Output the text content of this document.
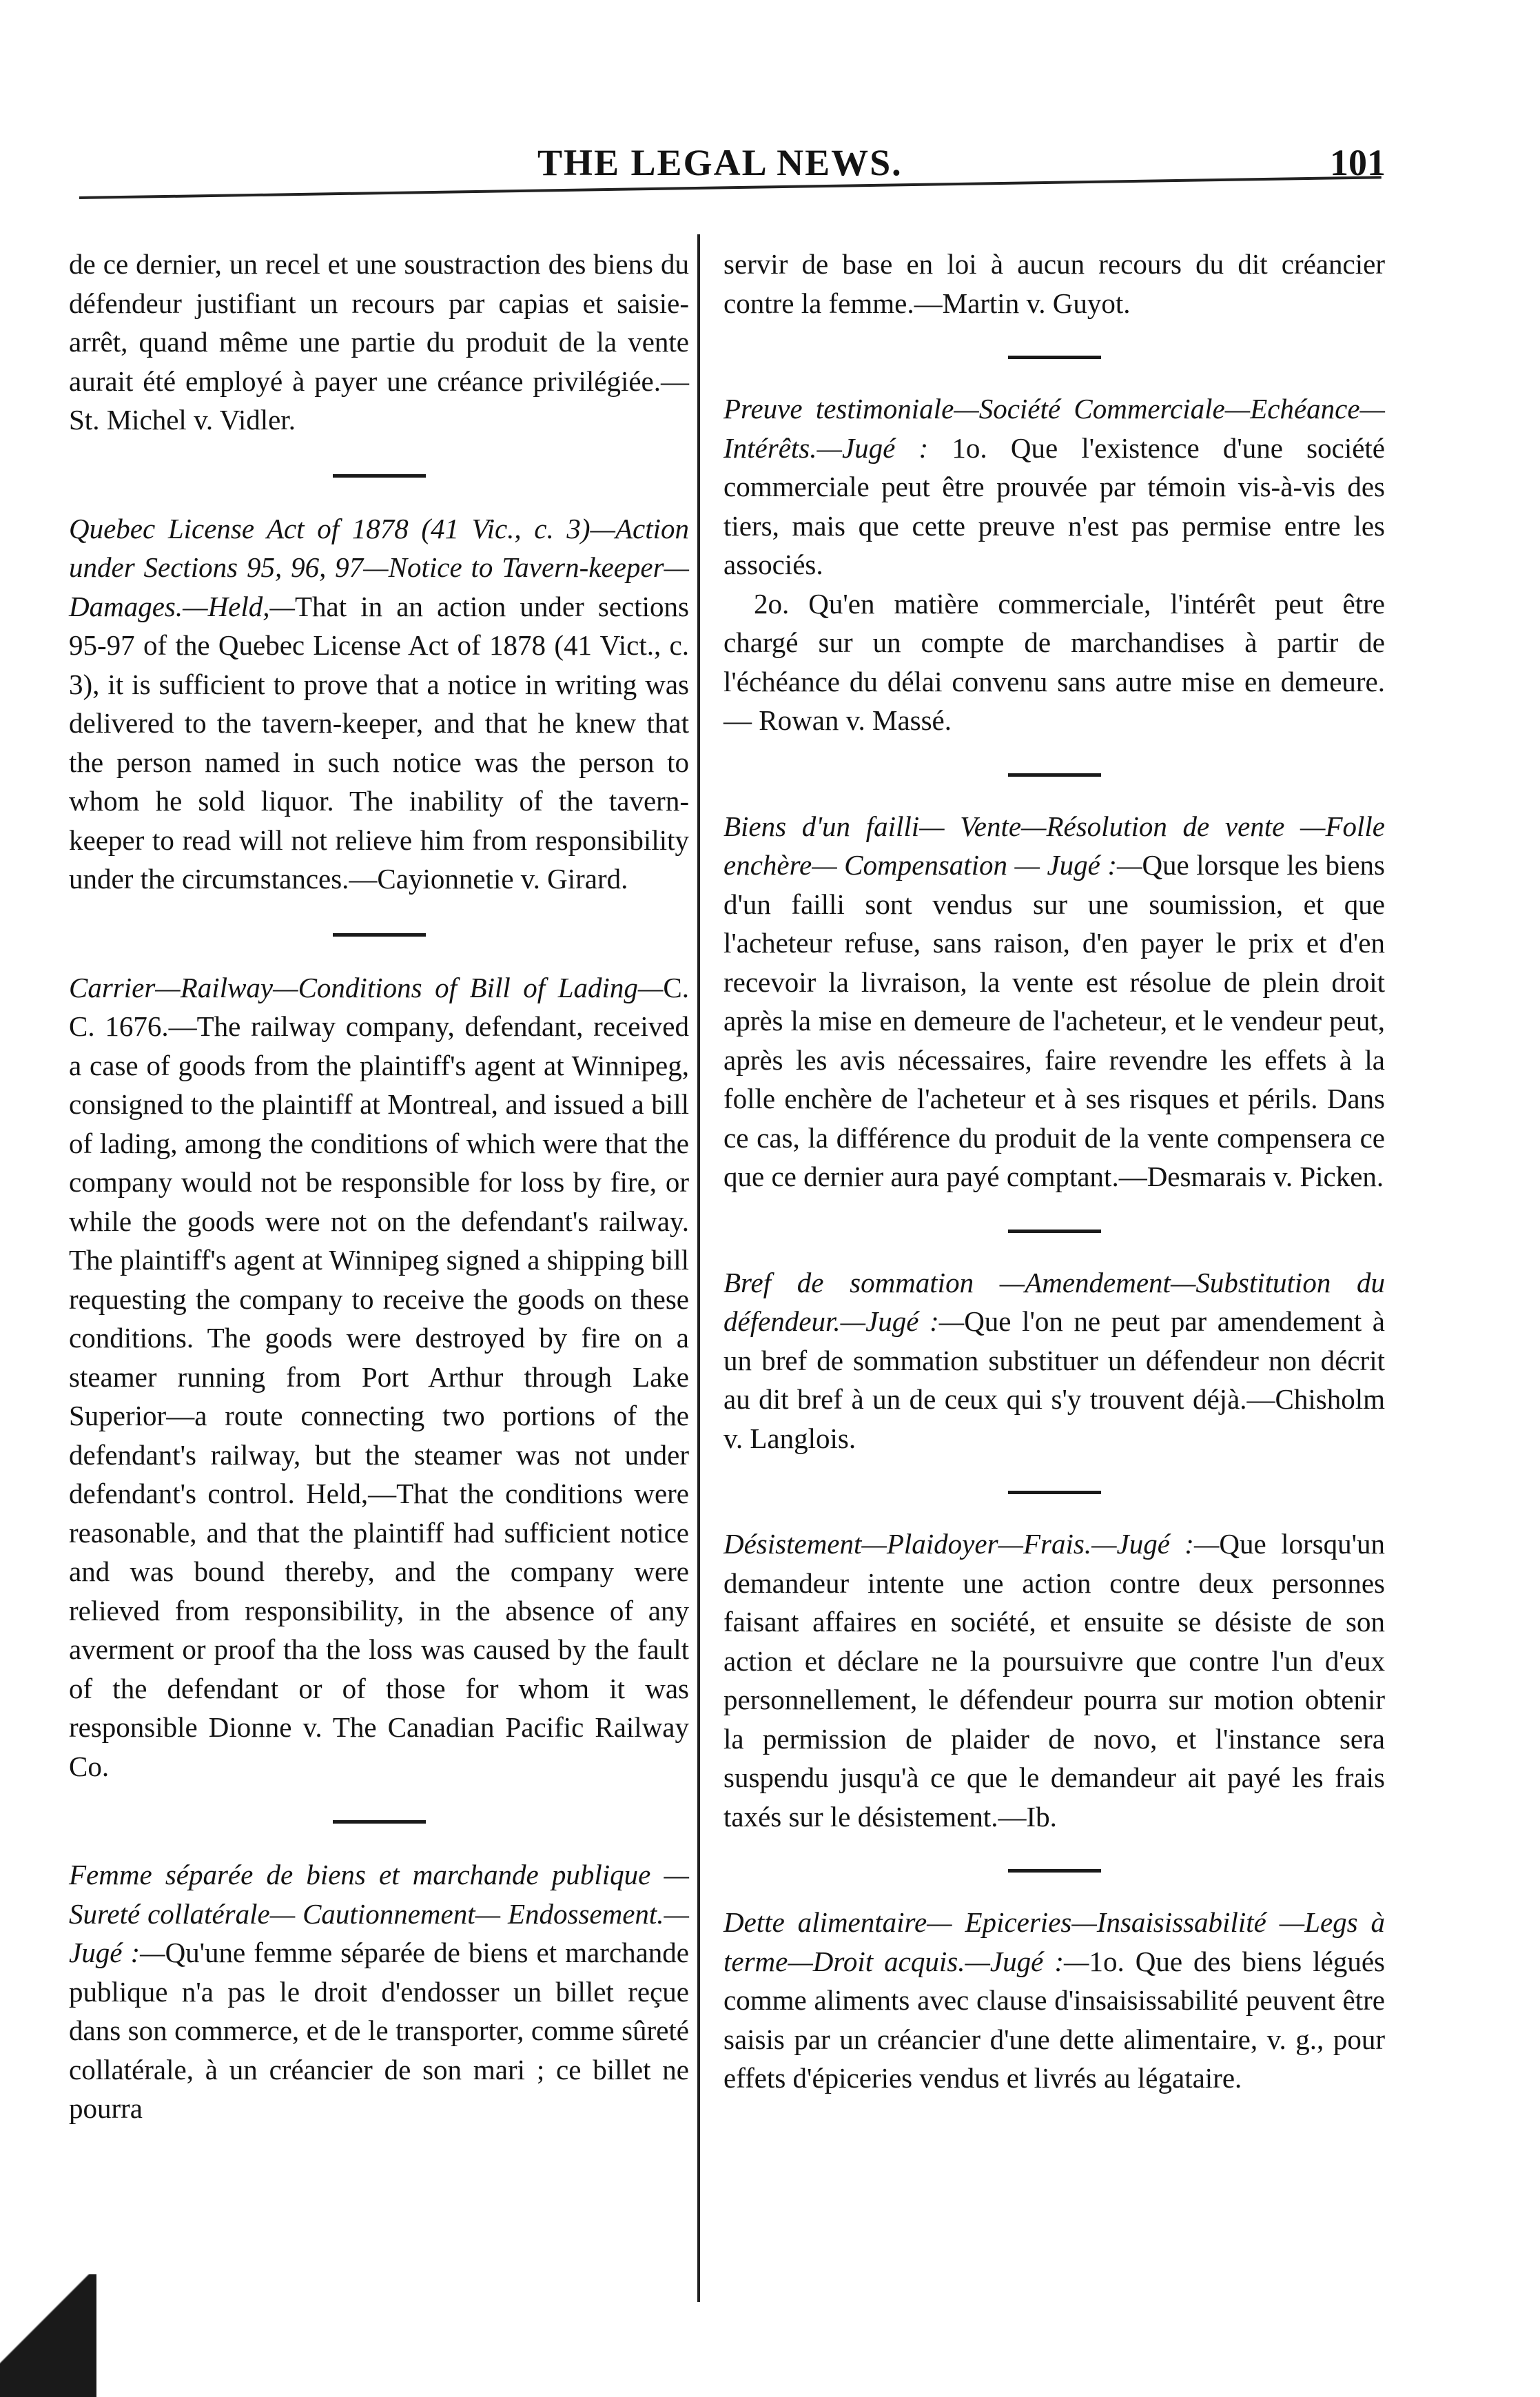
THE LEGAL NEWS.	101

de ce dernier, un recel et une soustraction des biens du défendeur justifiant un recours par capias et saisie-arrêt, quand même une partie du produit de la vente aurait été employé à payer une créance privilégiée.—St. Michel v. Vidler.

Quebec License Act of 1878 (41 Vic., c. 3)—Action under Sections 95, 96, 97—Notice to Tavern-keeper—Damages.—Held,—That in an action under sections 95-97 of the Quebec License Act of 1878 (41 Vict., c. 3), it is sufficient to prove that a notice in writing was delivered to the tavern-keeper, and that he knew that the person named in such notice was the person to whom he sold liquor. The inability of the tavern-keeper to read will not relieve him from responsibility under the circumstances.—Cayionnetie v. Girard.

Carrier—Railway—Conditions of Bill of Lading—C. C. 1676.—The railway company, defendant, received a case of goods from the plaintiff's agent at Winnipeg, consigned to the plaintiff at Montreal, and issued a bill of lading, among the conditions of which were that the company would not be responsible for loss by fire, or while the goods were not on the defendant's railway. The plaintiff's agent at Winnipeg signed a shipping bill requesting the company to receive the goods on these conditions. The goods were destroyed by fire on a steamer running from Port Arthur through Lake Superior—a route connecting two portions of the defendant's railway, but the steamer was not under defendant's control. Held,—That the conditions were reasonable, and that the plaintiff had sufficient notice and was bound thereby, and the company were relieved from responsibility, in the absence of any averment or proof tha the loss was caused by the fault of the defendant or of those for whom it was responsible Dionne v. The Canadian Pacific Railway Co.

Femme séparée de biens et marchande publique —Sureté collatérale— Cautionnement— Endossement.—Jugé :—Qu'une femme séparée de biens et marchande publique n'a pas le droit d'endosser un billet reçue dans son commerce, et de le transporter, comme sûreté collatérale, à un créancier de son mari ; ce billet ne pourra

servir de base en loi à aucun recours du dit créancier contre la femme.—Martin v. Guyot.

Preuve testimoniale—Société Commerciale—Echéance—Intérêts.—Jugé : 1o. Que l'existence d'une société commerciale peut être prouvée par témoin vis-à-vis des tiers, mais que cette preuve n'est pas permise entre les associés.

2o. Qu'en matière commerciale, l'intérêt peut être chargé sur un compte de marchandises à partir de l'échéance du délai convenu sans autre mise en demeure. — Rowan v. Massé.

Biens d'un failli— Vente—Résolution de vente —Folle enchère— Compensation — Jugé :—Que lorsque les biens d'un failli sont vendus sur une soumission, et que l'acheteur refuse, sans raison, d'en payer le prix et d'en recevoir la livraison, la vente est résolue de plein droit après la mise en demeure de l'acheteur, et le vendeur peut, après les avis nécessaires, faire revendre les effets à la folle enchère de l'acheteur et à ses risques et périls. Dans ce cas, la différence du produit de la vente compensera ce que ce dernier aura payé comptant.—Desmarais v. Picken.

Bref de sommation —Amendement—Substitution du défendeur.—Jugé :—Que l'on ne peut par amendement à un bref de sommation substituer un défendeur non décrit au dit bref à un de ceux qui s'y trouvent déjà.—Chisholm v. Langlois.

Désistement—Plaidoyer—Frais.—Jugé :—Que lorsqu'un demandeur intente une action contre deux personnes faisant affaires en société, et ensuite se désiste de son action et déclare ne la poursuivre que contre l'un d'eux personnellement, le défendeur pourra sur motion obtenir la permission de plaider de novo, et l'instance sera suspendu jusqu'à ce que le demandeur ait payé les frais taxés sur le désistement.—Ib.

Dette alimentaire— Epiceries—Insaisissabilité —Legs à terme—Droit acquis.—Jugé :—1o. Que des biens légués comme aliments avec clause d'insaisissabilité peuvent être saisis par un créancier d'une dette alimentaire, v. g., pour effets d'épiceries vendus et livrés au légataire.
